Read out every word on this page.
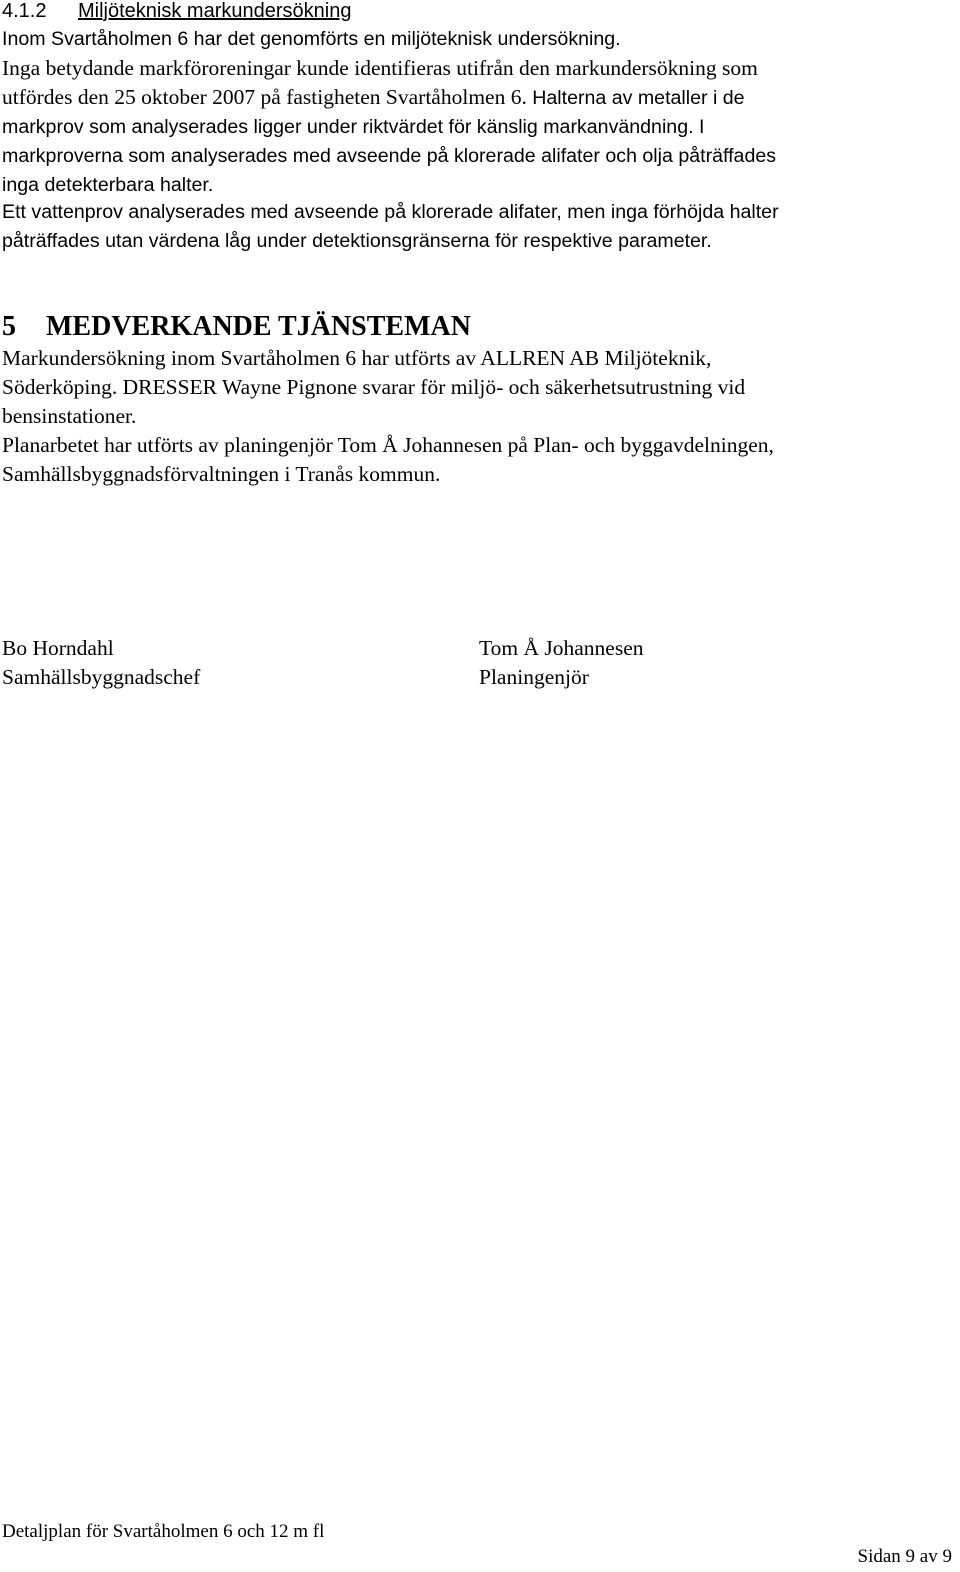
4.1.2 Miljöteknisk markundersökning

Inom Svartåholmen 6 har det genomförts en miljöteknisk undersökning.

Inga betydande markföroreningar kunde identifieras utifrån den markundersökning som

utfördes den 25 oktober 2007 på fastigheten Svartåholmen 6. Halterna av metaller i de

markprov som analyserades ligger under riktvärdet för känslig markanvändning. I

markproverna som analyserades med avseende på klorerade alifater och olja påträffades

inga detekterbara halter.

Ett vattenprov analyserades med avseende på klorerade alifater, men inga förhöjda halter

påträffades utan värdena låg under detektionsgränserna för respektive parameter.

5 MEDVERKANDE TJÄNSTEMAN

Markundersökning inom Svartåholmen 6 har utförts av ALLREN AB Miljöteknik,

Söderköping. DRESSER Wayne Pignone svarar för miljö- och säkerhetsutrustning vid

bensinstationer.

Planarbetet har utförts av planingenjör Tom Å Johannesen på Plan- och byggavdelningen,

Samhällsbyggnadsförvaltningen i Tranås kommun.

Bo Horndahl
Samhällsbyggnadschef
Tom Å Johannesen
Planingenjör
Detaljplan för Svartåholmen 6 och 12 m fl
Sidan 9 av 9
